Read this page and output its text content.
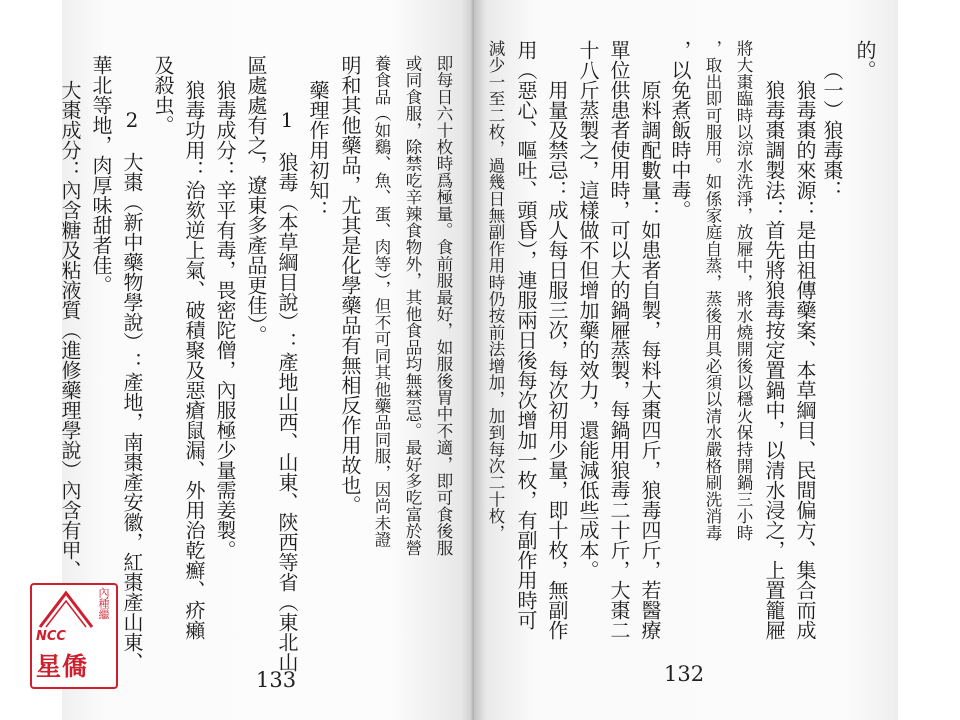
即每日六十枚時爲極量。食前服最好，如服後胃中不適，即可食後服
或同食服，除禁吃辛辣食物外，其他食品均無禁忌。最好多吃富於營
養食品（如鷄、魚、蛋、肉等），但不可同其他藥品同服，因尚未證
明和其他藥品，尤其是化學藥品有無相反作用故也。
藥理作用初知：
1　狼毒（本草綱目說）：產地山西、山東、陝西等省（東北山
區處處有之，遼東多產品更佳）。
狼毒成分：辛平有毒，畏密陀僧，內服極少量需姜製。
狼毒功用：治欬逆上氣、破積聚及惡瘡鼠漏、外用治乾癬、疥癩
及殺虫。
2　大棗（新中藥物學說）：產地，南棗產安徽，紅棗產山東、
華北等地，肉厚味甜者佳。
大棗成分：內含糖及粘液質（進修藥理學說）內含有甲、
133
的。
（一）狼毒棗：
狼毒棗的來源：是由祖傳藥案、本草綱目、民間偏方、集合而成
狼毒棗調製法：首先將狼毒按定置鍋中，以清水浸之，上置籠屜
將大棗臨時以涼水洗淨，放屜中，將水燒開後以穩火保持開鍋三小時
，取出即可服用。如係家庭自蒸，蒸後用具必須以清水嚴格刷洗消毒
，以免煮飯時中毒。
原料調配數量：如患者自製，每料大棗四斤，狼毒四斤，若醫療
單位供患者使用時，可以大的鍋屜蒸製，每鍋用狼毒二十斤，大棗二
十八斤蒸製之，這樣做不但增加藥的效力，還能減低些成本。
用量及禁忌：成人每日服三次，每次初用少量，即十枚，無副作
用（惡心、嘔吐、頭昏），連服兩日後每次增加一枚，有副作用時可
減少一至二枚，過幾日無副作用時仍按前法增加，加到每次二十枚，
132
NCC
內種繼
星僑
